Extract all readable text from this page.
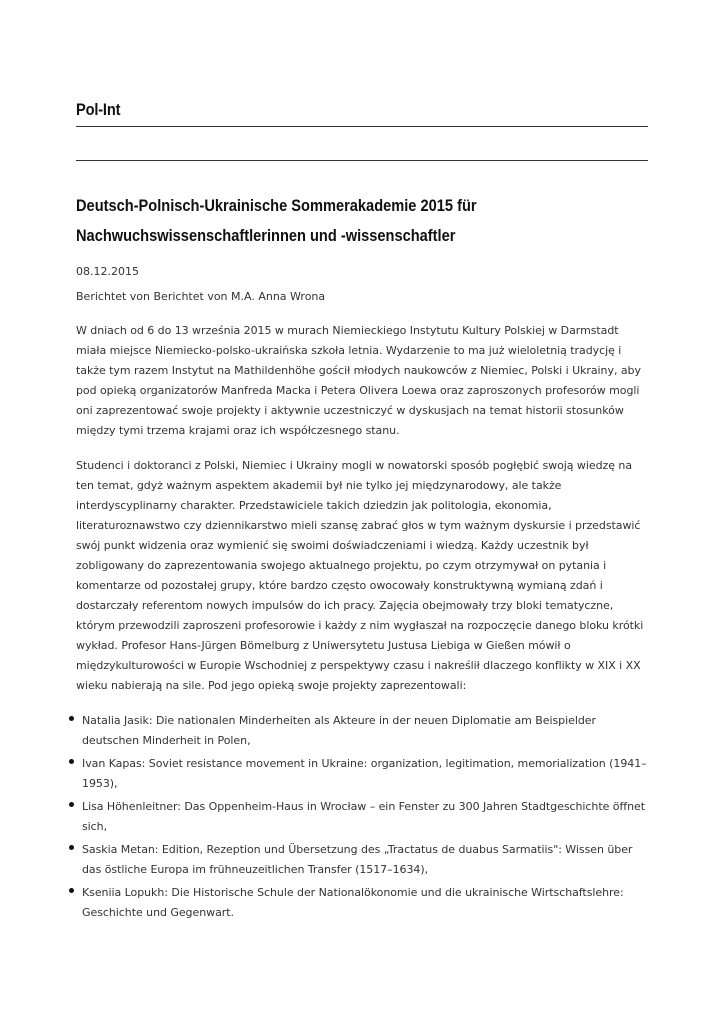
Pol-Int
Deutsch-Polnisch-Ukrainische Sommerakademie 2015 für Nachwuchswissenschaftlerinnen und -wissenschaftler
08.12.2015
Berichtet von Berichtet von M.A. Anna Wrona

W dniach od 6 do 13 września 2015 w murach Niemieckiego Instytutu Kultury Polskiej w Darmstadt miała miejsce Niemiecko-polsko-ukraińska szkoła letnia. Wydarzenie to ma już wieloletnią tradycję i także tym razem Instytut na Mathildenhöhe gościł młodych naukowców z Niemiec, Polski i Ukrainy, aby pod opieką organizatorów Manfreda Macka i Petera Olivera Loewa oraz zaproszonych profesorów mogli oni zaprezentować swoje projekty i aktywnie uczestniczyć w dyskusjach na temat historii stosunków między tymi trzema krajami oraz ich współczesnego stanu.

Studenci i doktoranci z Polski, Niemiec i Ukrainy mogli w nowatorski sposób pogłębić swoją wiedzę na ten temat, gdyż ważnym aspektem akademii był nie tylko jej międzynarodowy, ale także interdyscyplinarny charakter. Przedstawiciele takich dziedzin jak politologia, ekonomia, literaturoznawstwo czy dziennikarstwo mieli szansę zabrać głos w tym ważnym dyskursie i przedstawić swój punkt widzenia oraz wymienić się swoimi doświadczeniami i wiedzą. Każdy uczestnik był zobligowany do zaprezentowania swojego aktualnego projektu, po czym otrzymywał on pytania i komentarze od pozostałej grupy, które bardzo często owocowały konstruktywną wymianą zdań i dostarczały referentom nowych impulsów do ich pracy. Zajęcia obejmowały trzy bloki tematyczne, którym przewodzili zaproszeni profesorowie i każdy z nim wygłaszał na rozpoczęcie danego bloku krótki wykład. Profesor Hans-Jürgen Bömelburg z Uniwersytetu Justusa Liebiga w Gießen mówił o międzykulturowości w Europie Wschodniej z perspektywy czasu i nakreślił dlaczego konflikty w XIX i XX wieku nabierają na sile. Pod jego opieką swoje projekty zaprezentowali:

Natalia Jasik: Die nationalen Minderheiten als Akteure in der neuen Diplomatie am Beispielder deutschen Minderheit in Polen,
Ivan Kapas: Soviet resistance movement in Ukraine: organization, legitimation, memorialization (1941–1953),
Lisa Höhenleitner: Das Oppenheim-Haus in Wrocław – ein Fenster zu 300 Jahren Stadtgeschichte öffnet sich,
Saskia Metan: Edition, Rezeption und Übersetzung des „Tractatus de duabus Sarmatiis": Wissen über das östliche Europa im frühneuzeitlichen Transfer (1517–1634),
Kseniia Lopukh: Die Historische Schule der Nationalökonomie und die ukrainische Wirtschaftslehre: Geschichte und Gegenwart.
